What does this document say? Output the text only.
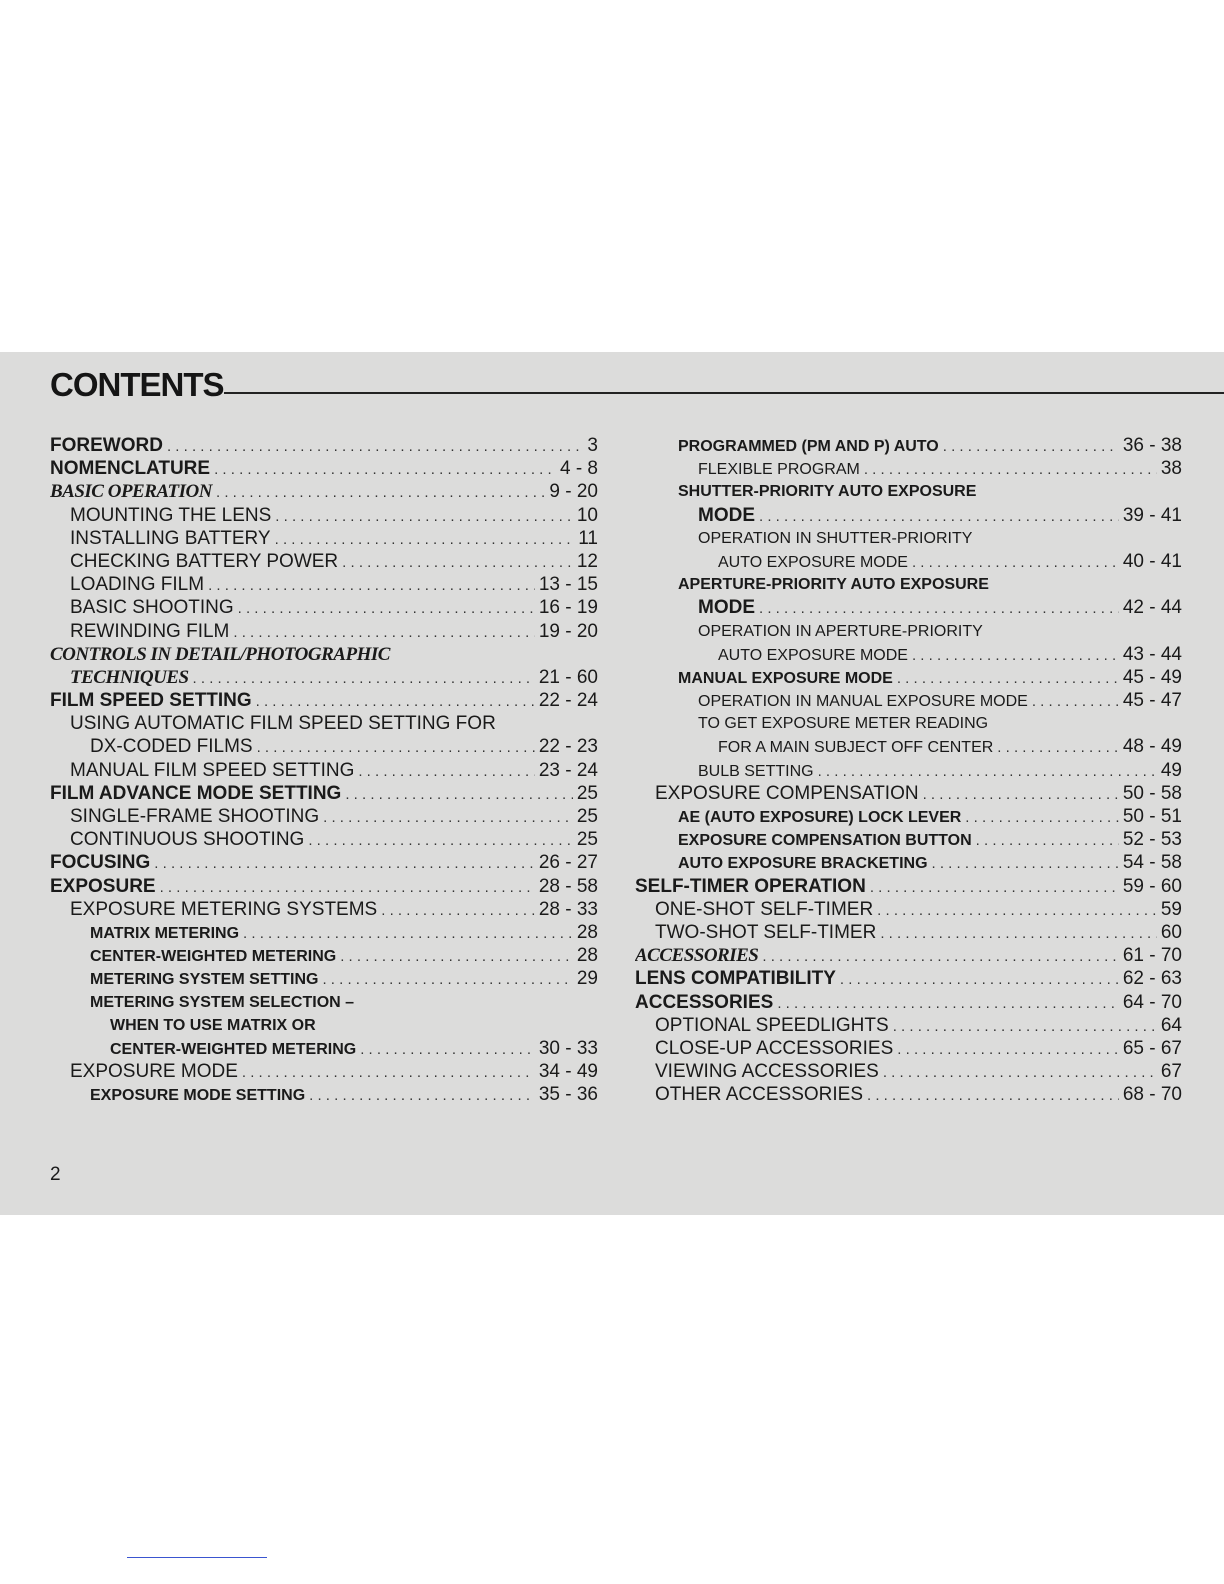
CONTENTS
FOREWORD . . .	3
NOMENCLATURE . . .	4 - 8
BASIC OPERATION . . .	9 - 20
MOUNTING THE LENS . . .	10
INSTALLING BATTERY . . .	11
CHECKING BATTERY POWER . . .	12
LOADING FILM . . .	13 - 15
BASIC SHOOTING . . .	16 - 19
REWINDING FILM . . .	19 - 20
CONTROLS IN DETAIL/PHOTOGRAPHIC
TECHNIQUES . . .	21 - 60
FILM SPEED SETTING . . .	22 - 24
USING AUTOMATIC FILM SPEED SETTING FOR
DX-CODED FILMS . . .	22 - 23
MANUAL FILM SPEED SETTING . . .	23 - 24
FILM ADVANCE MODE SETTING . . .	25
SINGLE-FRAME SHOOTING . . .	25
CONTINUOUS SHOOTING . . .	25
FOCUSING . . .	26 - 27
EXPOSURE . . .	28 - 58
EXPOSURE METERING SYSTEMS . . .	28 - 33
MATRIX METERING . . .	28
CENTER-WEIGHTED METERING . . .	28
METERING SYSTEM SETTING . . .	29
METERING SYSTEM SELECTION –
WHEN TO USE MATRIX OR
CENTER-WEIGHTED METERING . . .	30 - 33
EXPOSURE MODE . . .	34 - 49
EXPOSURE MODE SETTING . . .	35 - 36
PROGRAMMED (PM AND P) AUTO . . .	36 - 38
FLEXIBLE PROGRAM . . .	38
SHUTTER-PRIORITY AUTO EXPOSURE
MODE . . .	39 - 41
OPERATION IN SHUTTER-PRIORITY
AUTO EXPOSURE MODE . . .	40 - 41
APERTURE-PRIORITY AUTO EXPOSURE
MODE . . .	42 - 44
OPERATION IN APERTURE-PRIORITY
AUTO EXPOSURE MODE . . .	43 - 44
MANUAL EXPOSURE MODE . . .	45 - 49
OPERATION IN MANUAL EXPOSURE MODE . . .	45 - 47
TO GET EXPOSURE METER READING
FOR A MAIN SUBJECT OFF CENTER . . .	48 - 49
BULB SETTING . . .	49
EXPOSURE COMPENSATION . . .	50 - 58
AE (AUTO EXPOSURE) LOCK LEVER . . .	50 - 51
EXPOSURE COMPENSATION BUTTON . . .	52 - 53
AUTO EXPOSURE BRACKETING . . .	54 - 58
SELF-TIMER OPERATION . . .	59 - 60
ONE-SHOT SELF-TIMER . . .	59
TWO-SHOT SELF-TIMER . . .	60
ACCESSORIES . . .	61 - 70
LENS COMPATIBILITY . . .	62 - 63
ACCESSORIES . . .	64 - 70
OPTIONAL SPEEDLIGHTS . . .	64
CLOSE-UP ACCESSORIES . . .	65 - 67
VIEWING ACCESSORIES . . .	67
OTHER ACCESSORIES . . .	68 - 70
2
